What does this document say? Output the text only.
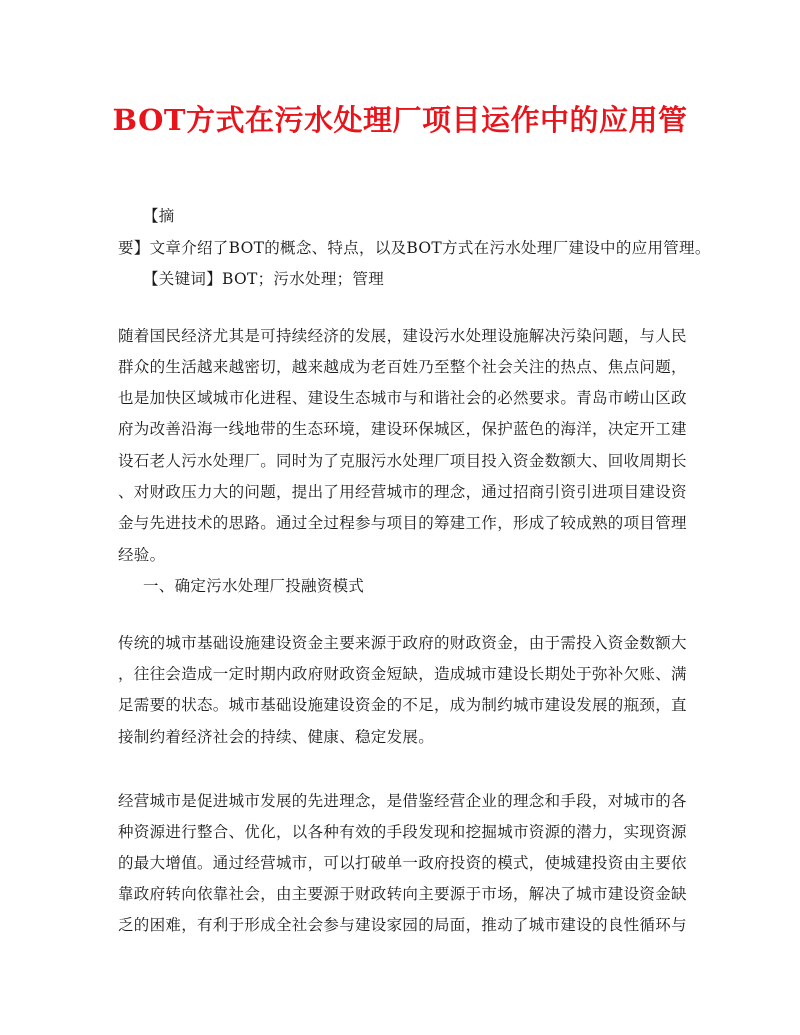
BOT方式在污水处理厂项目运作中的应用管
【摘
要】文章介绍了BOT的概念、特点，以及BOT方式在污水处理厂建设中的应用管理。
【关键词】BOT；污水处理；管理
随着国民经济尤其是可持续经济的发展，建设污水处理设施解决污染问题，与人民
群众的生活越来越密切，越来越成为老百姓乃至整个社会关注的热点、焦点问题，
也是加快区域城市化进程、建设生态城市与和谐社会的必然要求。青岛市崂山区政
府为改善沿海一线地带的生态环境，建设环保城区，保护蓝色的海洋，决定开工建
设石老人污水处理厂。同时为了克服污水处理厂项目投入资金数额大、回收周期长
、对财政压力大的问题，提出了用经营城市的理念，通过招商引资引进项目建设资
金与先进技术的思路。通过全过程参与项目的筹建工作，形成了较成熟的项目管理
经验。
一、确定污水处理厂投融资模式
传统的城市基础设施建设资金主要来源于政府的财政资金，由于需投入资金数额大
，往往会造成一定时期内政府财政资金短缺，造成城市建设长期处于弥补欠账、满
足需要的状态。城市基础设施建设资金的不足，成为制约城市建设发展的瓶颈，直
接制约着经济社会的持续、健康、稳定发展。
经营城市是促进城市发展的先进理念，是借鉴经营企业的理念和手段，对城市的各
种资源进行整合、优化，以各种有效的手段发现和挖掘城市资源的潜力，实现资源
的最大增值。通过经营城市，可以打破单一政府投资的模式，使城建投资由主要依
靠政府转向依靠社会，由主要源于财政转向主要源于市场，解决了城市建设资金缺
乏的困难，有利于形成全社会参与建设家园的局面，推动了城市建设的良性循环与
